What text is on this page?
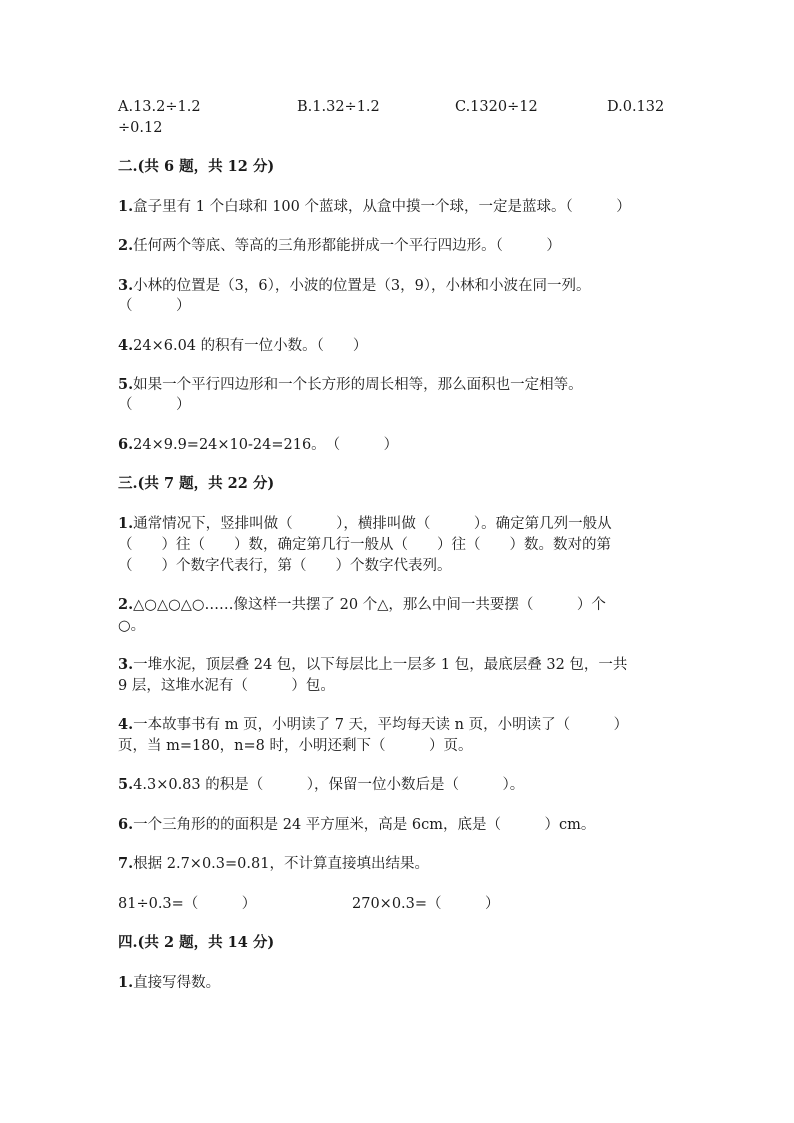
A.13.2÷1.2	B.1.32÷1.2	C.1320÷12	D.0.132
÷0.12
二.(共 6 题，共 12 分)
1.盒子里有 1 个白球和 100 个蓝球，从盒中摸一个球，一定是蓝球。（　　　）
2.任何两个等底、等高的三角形都能拼成一个平行四边形。（　　　）
3.小林的位置是（3，6），小波的位置是（3，9），小林和小波在同一列。
（　　　）
4.24×6.04 的积有一位小数。（　　）
5.如果一个平行四边形和一个长方形的周长相等，那么面积也一定相等。
（　　　）
6.24×9.9=24×10-24=216。　（　　　）
三.(共 7 题，共 22 分)
1.通常情况下，竖排叫做（　　　），横排叫做（　　　）。确定第几列一般从
（　　）往（　　）数，确定第几行一般从（　　）往（　　）数。数对的第
（　　）个数字代表行，第（　　）个数字代表列。
2.△○△○△○……像这样一共摆了 20 个△，那么中间一共要摆（　　　）个
○。
3.一堆水泥，顶层叠 24 包，以下每层比上一层多 1 包，最底层叠 32 包，一共
9 层，这堆水泥有（　　　）包。
4.一本故事书有 m 页，小明读了 7 天，平均每天读 n 页，小明读了（　　　）
页，当 m=180，n=8 时，小明还剩下（　　　）页。
5.4.3×0.83 的积是（　　　），保留一位小数后是（　　　）。
6.一个三角形的的面积是 24 平方厘米，高是 6cm，底是（　　　）cm。
7.根据 2.7×0.3=0.81，不计算直接填出结果。
81÷0.3=（　　　）	270×0.3=（　　　）
四.(共 2 题，共 14 分)
1.直接写得数。
